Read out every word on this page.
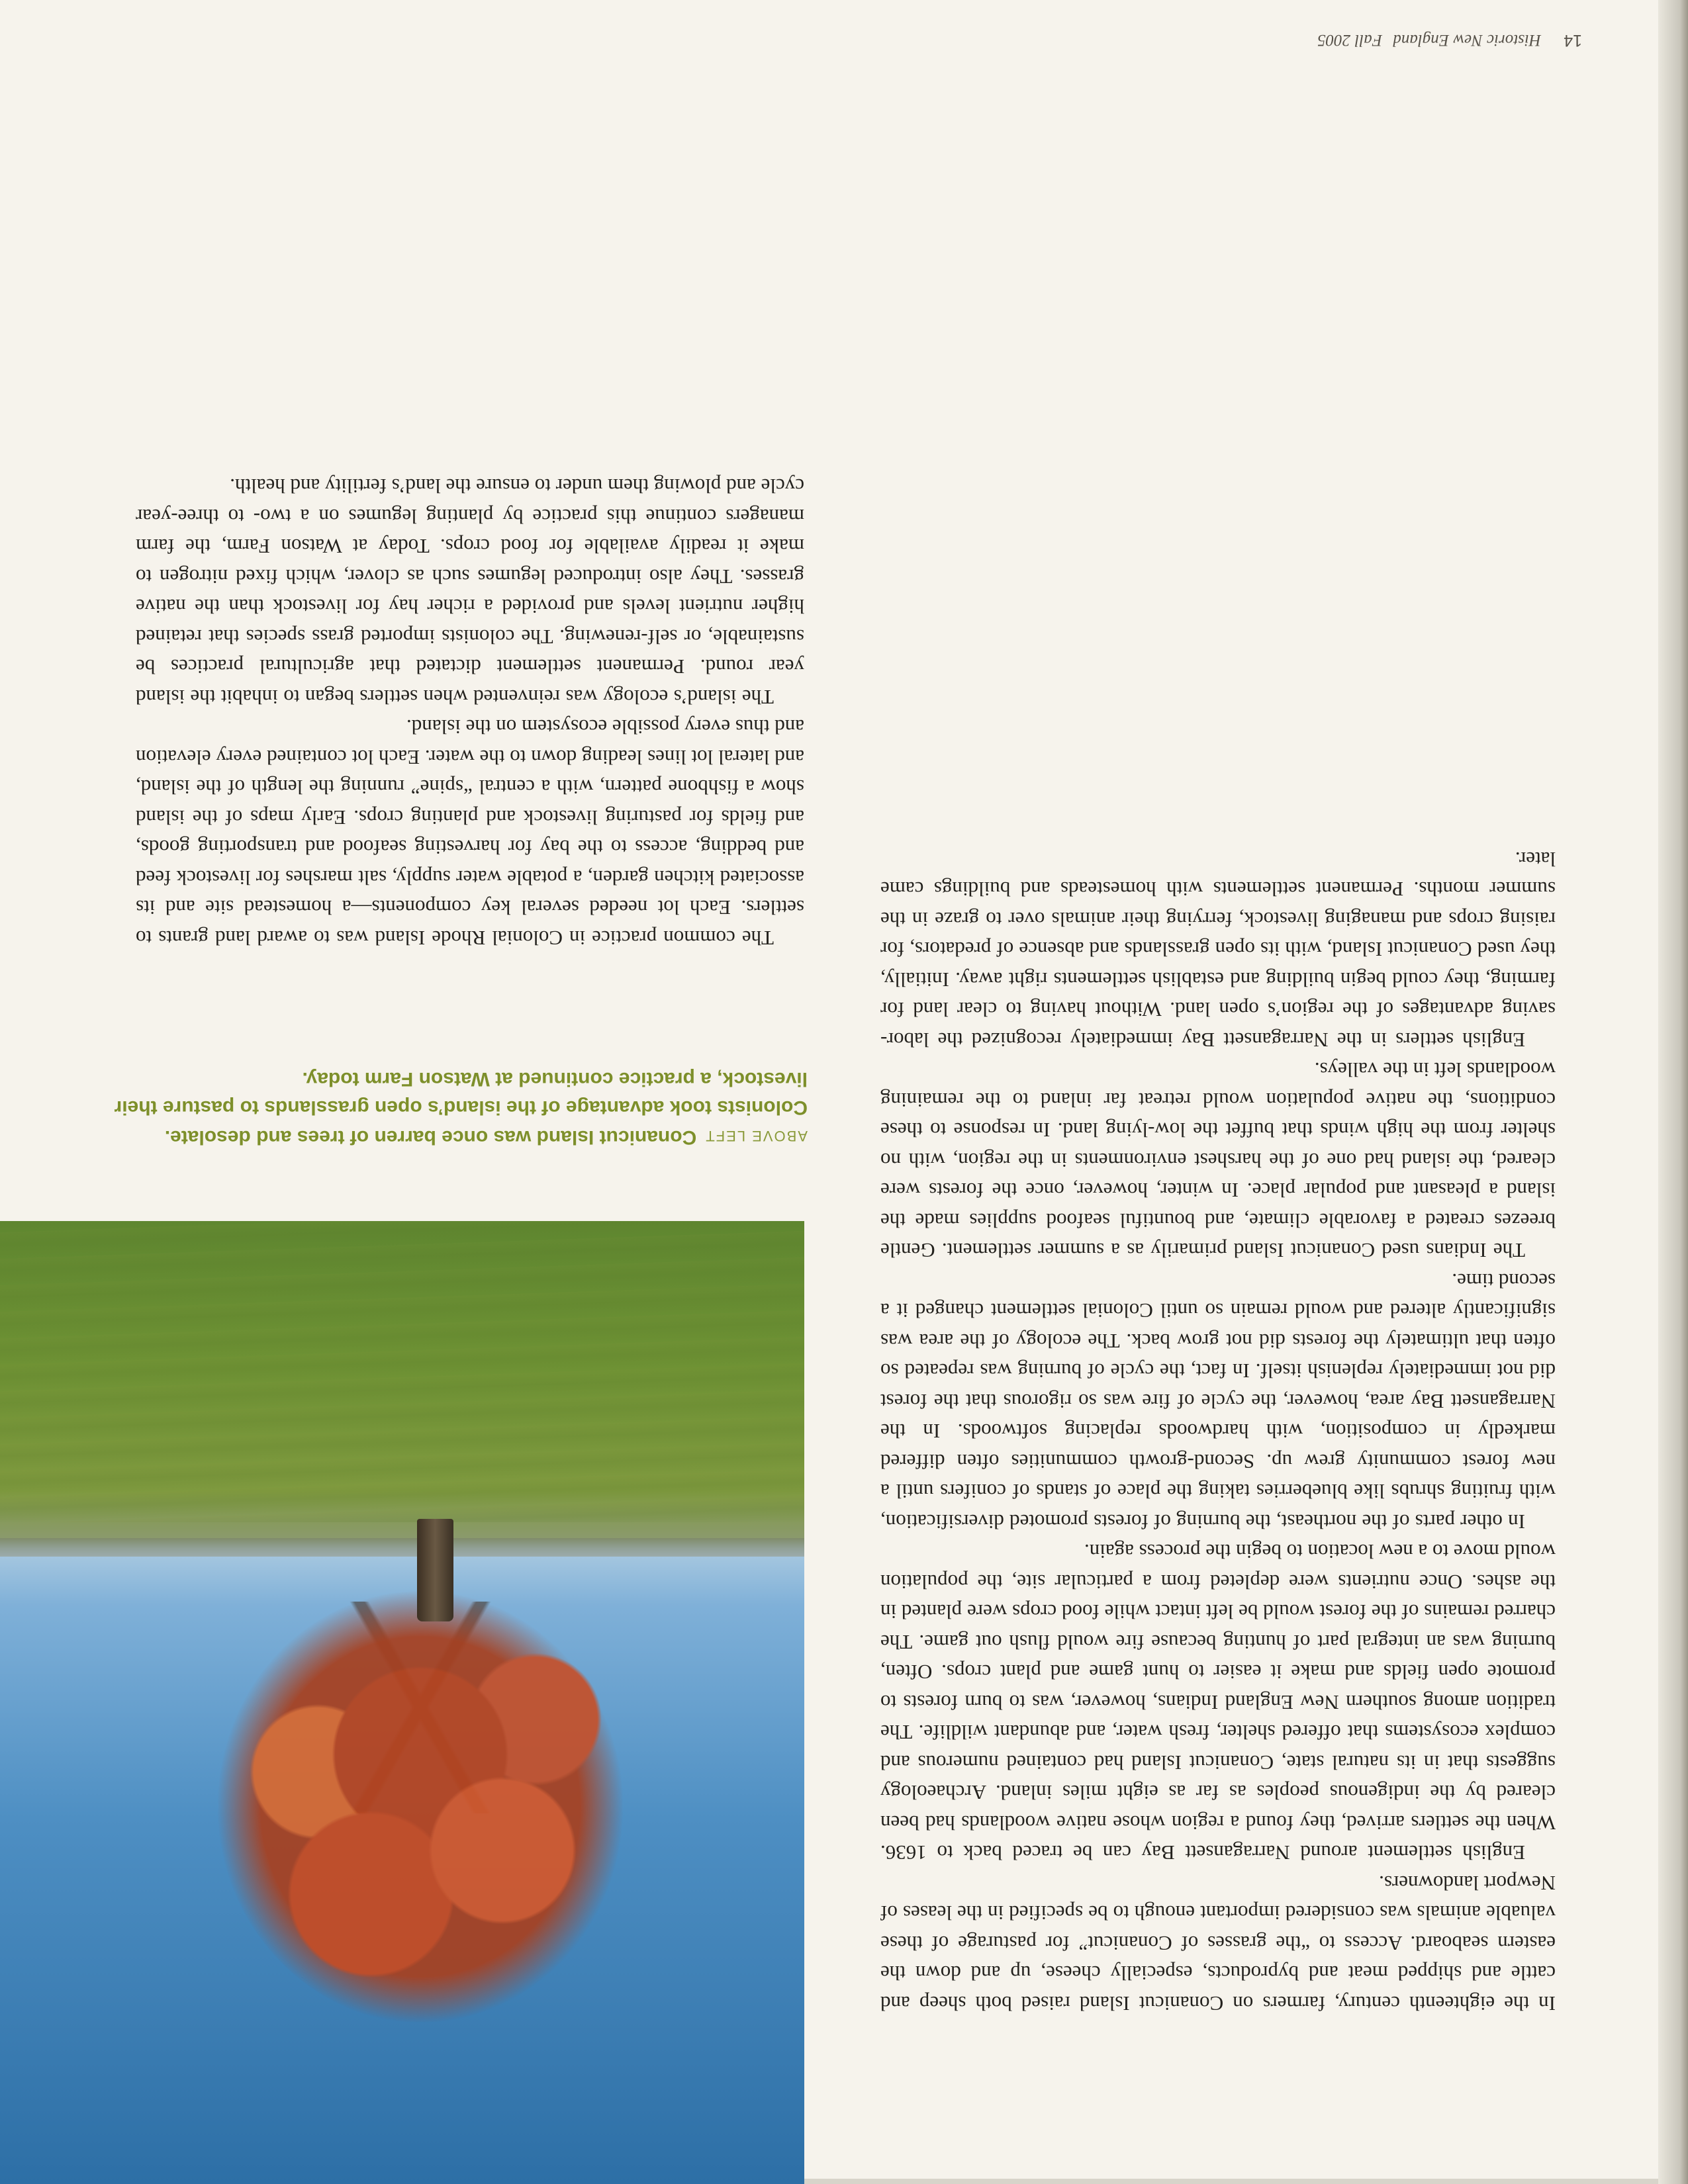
14 Historic New England Fall 2005
ABOVE LEFTConanicut Island was once barren of trees and desolate. Colonists took advantage of the island’s open grasslands to pasture their livestock, a practice continued at Watson Farm today.

In the eighteenth century, farmers on Conanicut Island raised both sheep and cattle and shipped meat and byproducts, especially cheese, up and down the eastern seaboard. Access to “the grasses of Conanicut” for pasturage of these valuable animals was considered important enough to be specified in the leases of Newport landowners.

English settlement around Narragansett Bay can be traced back to 1636. When the settlers arrived, they found a region whose native woodlands had been cleared by the indigenous peoples as far as eight miles inland. Archaeology suggests that in its natural state, Conanicut Island had contained numerous and complex ecosystems that offered shelter, fresh water, and abundant wildlife. The tradition among southern New England Indians, however, was to burn forests to promote open fields and make it easier to hunt game and plant crops. Often, burning was an integral part of hunting because fire would flush out game. The charred remains of the forest would be left intact while food crops were planted in the ashes. Once nutrients were depleted from a particular site, the population would move to a new location to begin the process again.

In other parts of the northeast, the burning of forests promoted diversification, with fruiting shrubs like blueberries taking the place of stands of conifers until a new forest community grew up. Second-growth communities often differed markedly in composition, with hardwoods replacing softwoods. In the Narragansett Bay area, however, the cycle of fire was so rigorous that the forest did not immediately replenish itself. In fact, the cycle of burning was repeated so often that ultimately the forests did not grow back. The ecology of the area was significantly altered and would remain so until Colonial settlement changed it a second time.

The Indians used Conanicut Island primarily as a summer settlement. Gentle breezes created a favorable climate, and bountiful seafood supplies made the island a pleasant and popular place. In winter, however, once the forests were cleared, the island had one of the harshest environments in the region, with no shelter from the high winds that buffet the low-lying land. In response to these conditions, the native population would retreat far inland to the remaining woodlands left in the valleys.

English settlers in the Narragansett Bay immediately recognized the labor-saving advantages of the region’s open land. Without having to clear land for farming, they could begin building and establish settlements right away. Initially, they used Conanicut Island, with its open grasslands and absence of predators, for raising crops and managing livestock, ferrying their animals over to graze in the summer months. Permanent settlements with homesteads and buildings came later.

The common practice in Colonial Rhode Island was to award land grants to settlers. Each lot needed several key components—a homestead site and its associated kitchen garden, a potable water supply, salt marshes for livestock feed and bedding, access to the bay for harvesting seafood and transporting goods, and fields for pasturing livestock and planting crops. Early maps of the island show a fishbone pattern, with a central “spine” running the length of the island, and lateral lot lines leading down to the water. Each lot contained every elevation and thus every possible ecosystem on the island.

The island’s ecology was reinvented when settlers began to inhabit the island year round. Permanent settlement dictated that agricultural practices be sustainable, or self-renewing. The colonists imported grass species that retained higher nutrient levels and provided a richer hay for livestock than the native grasses. They also introduced legumes such as clover, which fixed nitrogen to make it readily available for food crops. Today at Watson Farm, the farm managers continue this practice by planting legumes on a two- to three-year cycle and plowing them under to ensure the land’s fertility and health.
